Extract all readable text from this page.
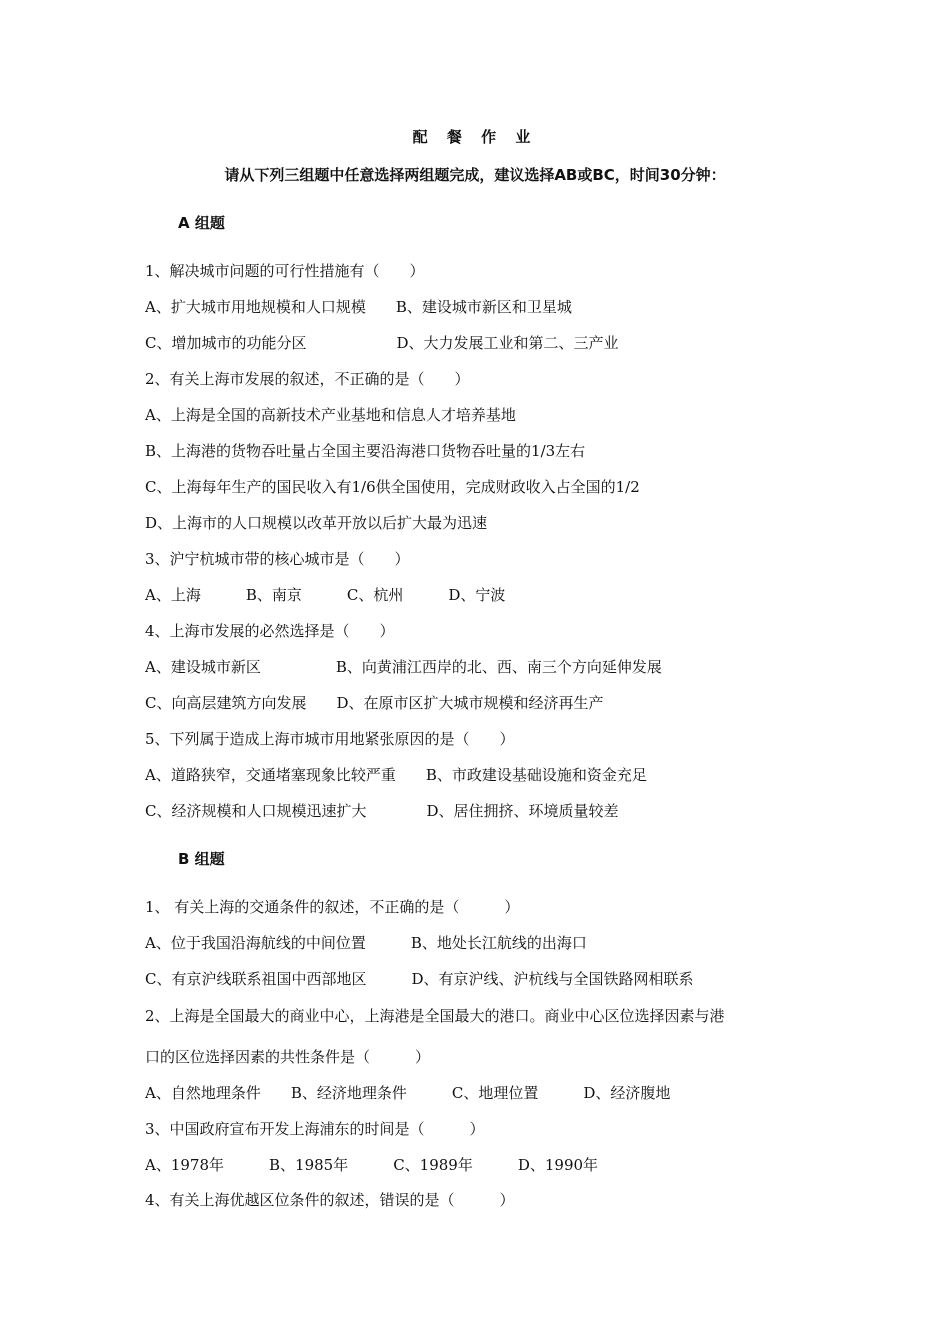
配 餐 作 业
请从下列三组题中任意选择两组题完成，建议选择AB或BC，时间30分钟：
A 组题
1、解决城市问题的可行性措施有（　　）
A、扩大城市用地规模和人口规模　　B、建设城市新区和卫星城
C、增加城市的功能分区　　　　　　D、大力发展工业和第二、三产业
2、有关上海市发展的叙述，不正确的是（　　）
A、上海是全国的高新技术产业基地和信息人才培养基地
B、上海港的货物吞吐量占全国主要沿海港口货物吞吐量的1/3左右
C、上海每年生产的国民收入有1/6供全国使用，完成财政收入占全国的1/2
D、上海市的人口规模以改革开放以后扩大最为迅速
3、沪宁杭城市带的核心城市是（　　）
A、上海　　　B、南京　　　C、杭州　　　D、宁波
4、上海市发展的必然选择是（　　）
A、建设城市新区　　　　　B、向黄浦江西岸的北、西、南三个方向延伸发展
C、向高层建筑方向发展　　D、在原市区扩大城市规模和经济再生产
5、下列属于造成上海市城市用地紧张原因的是（　　）
A、道路狭窄，交通堵塞现象比较严重　　B、市政建设基础设施和资金充足
C、经济规模和人口规模迅速扩大　　　　D、居住拥挤、环境质量较差
B 组题
1、 有关上海的交通条件的叙述，不正确的是（　　　）
A、位于我国沿海航线的中间位置　　　B、地处长江航线的出海口
C、有京沪线联系祖国中西部地区　　　D、有京沪线、沪杭线与全国铁路网相联系
2、上海是全国最大的商业中心，上海港是全国最大的港口。商业中心区位选择因素与港
口的区位选择因素的共性条件是（　　　）
A、自然地理条件　　B、经济地理条件　　　C、地理位置　　　D、经济腹地
3、中国政府宣布开发上海浦东的时间是（　　　）
A、1978年　　　B、1985年　　　C、1989年　　　D、1990年
4、有关上海优越区位条件的叙述，错误的是（　　　）
